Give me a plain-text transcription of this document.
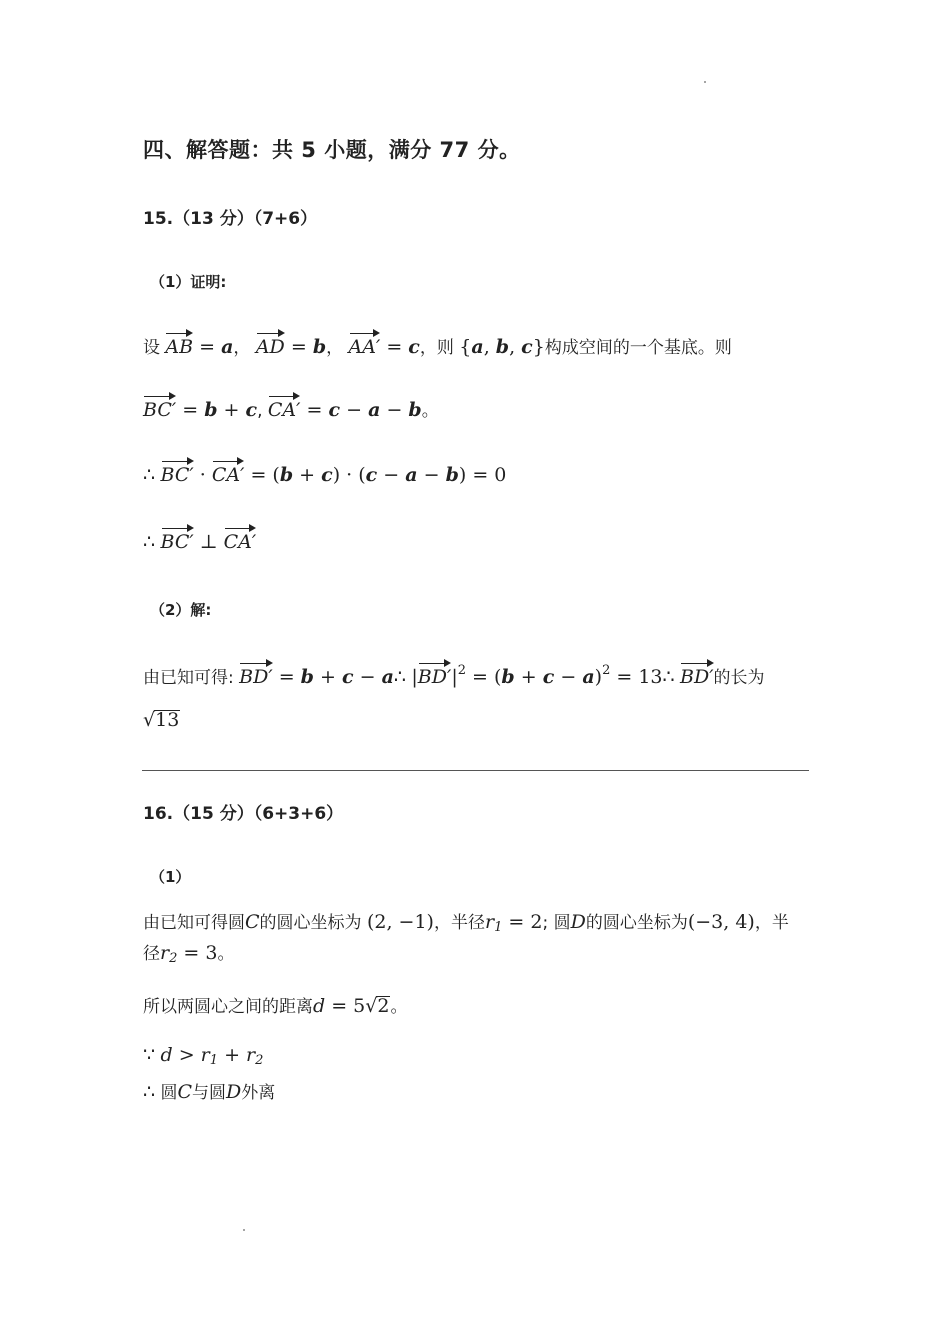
四、解答题：共 5 小题，满分 77 分。
15.（13 分）（7+6）
（1）证明:
设 AB = a， AD = b， AA′ = c，则 {a, b, c}构成空间的一个基底。则
BC′ = b + c, CA′ = c − a − b。
∴ BC′ · CA′ = (b + c) · (c − a − b) = 0
∴ BC′ ⊥ CA′
（2）解:
由已知可得: BD′ = b + c − a∴ $|BD'|^2 = (b + c - a)^2$ = 13∴ BD′的长为
√13
16.（15 分）（6+3+6）
（1）
由已知可得圆C的圆心坐标为 (2, −1)，半径$r_1 = 2$; 圆D的圆心坐标为(−3, 4)，半
径$r_2 = 3$。
所以两圆心之间的距离d = 5√2。
∵ $d > r_1 + r_2$
∴ 圆C与圆D外离
